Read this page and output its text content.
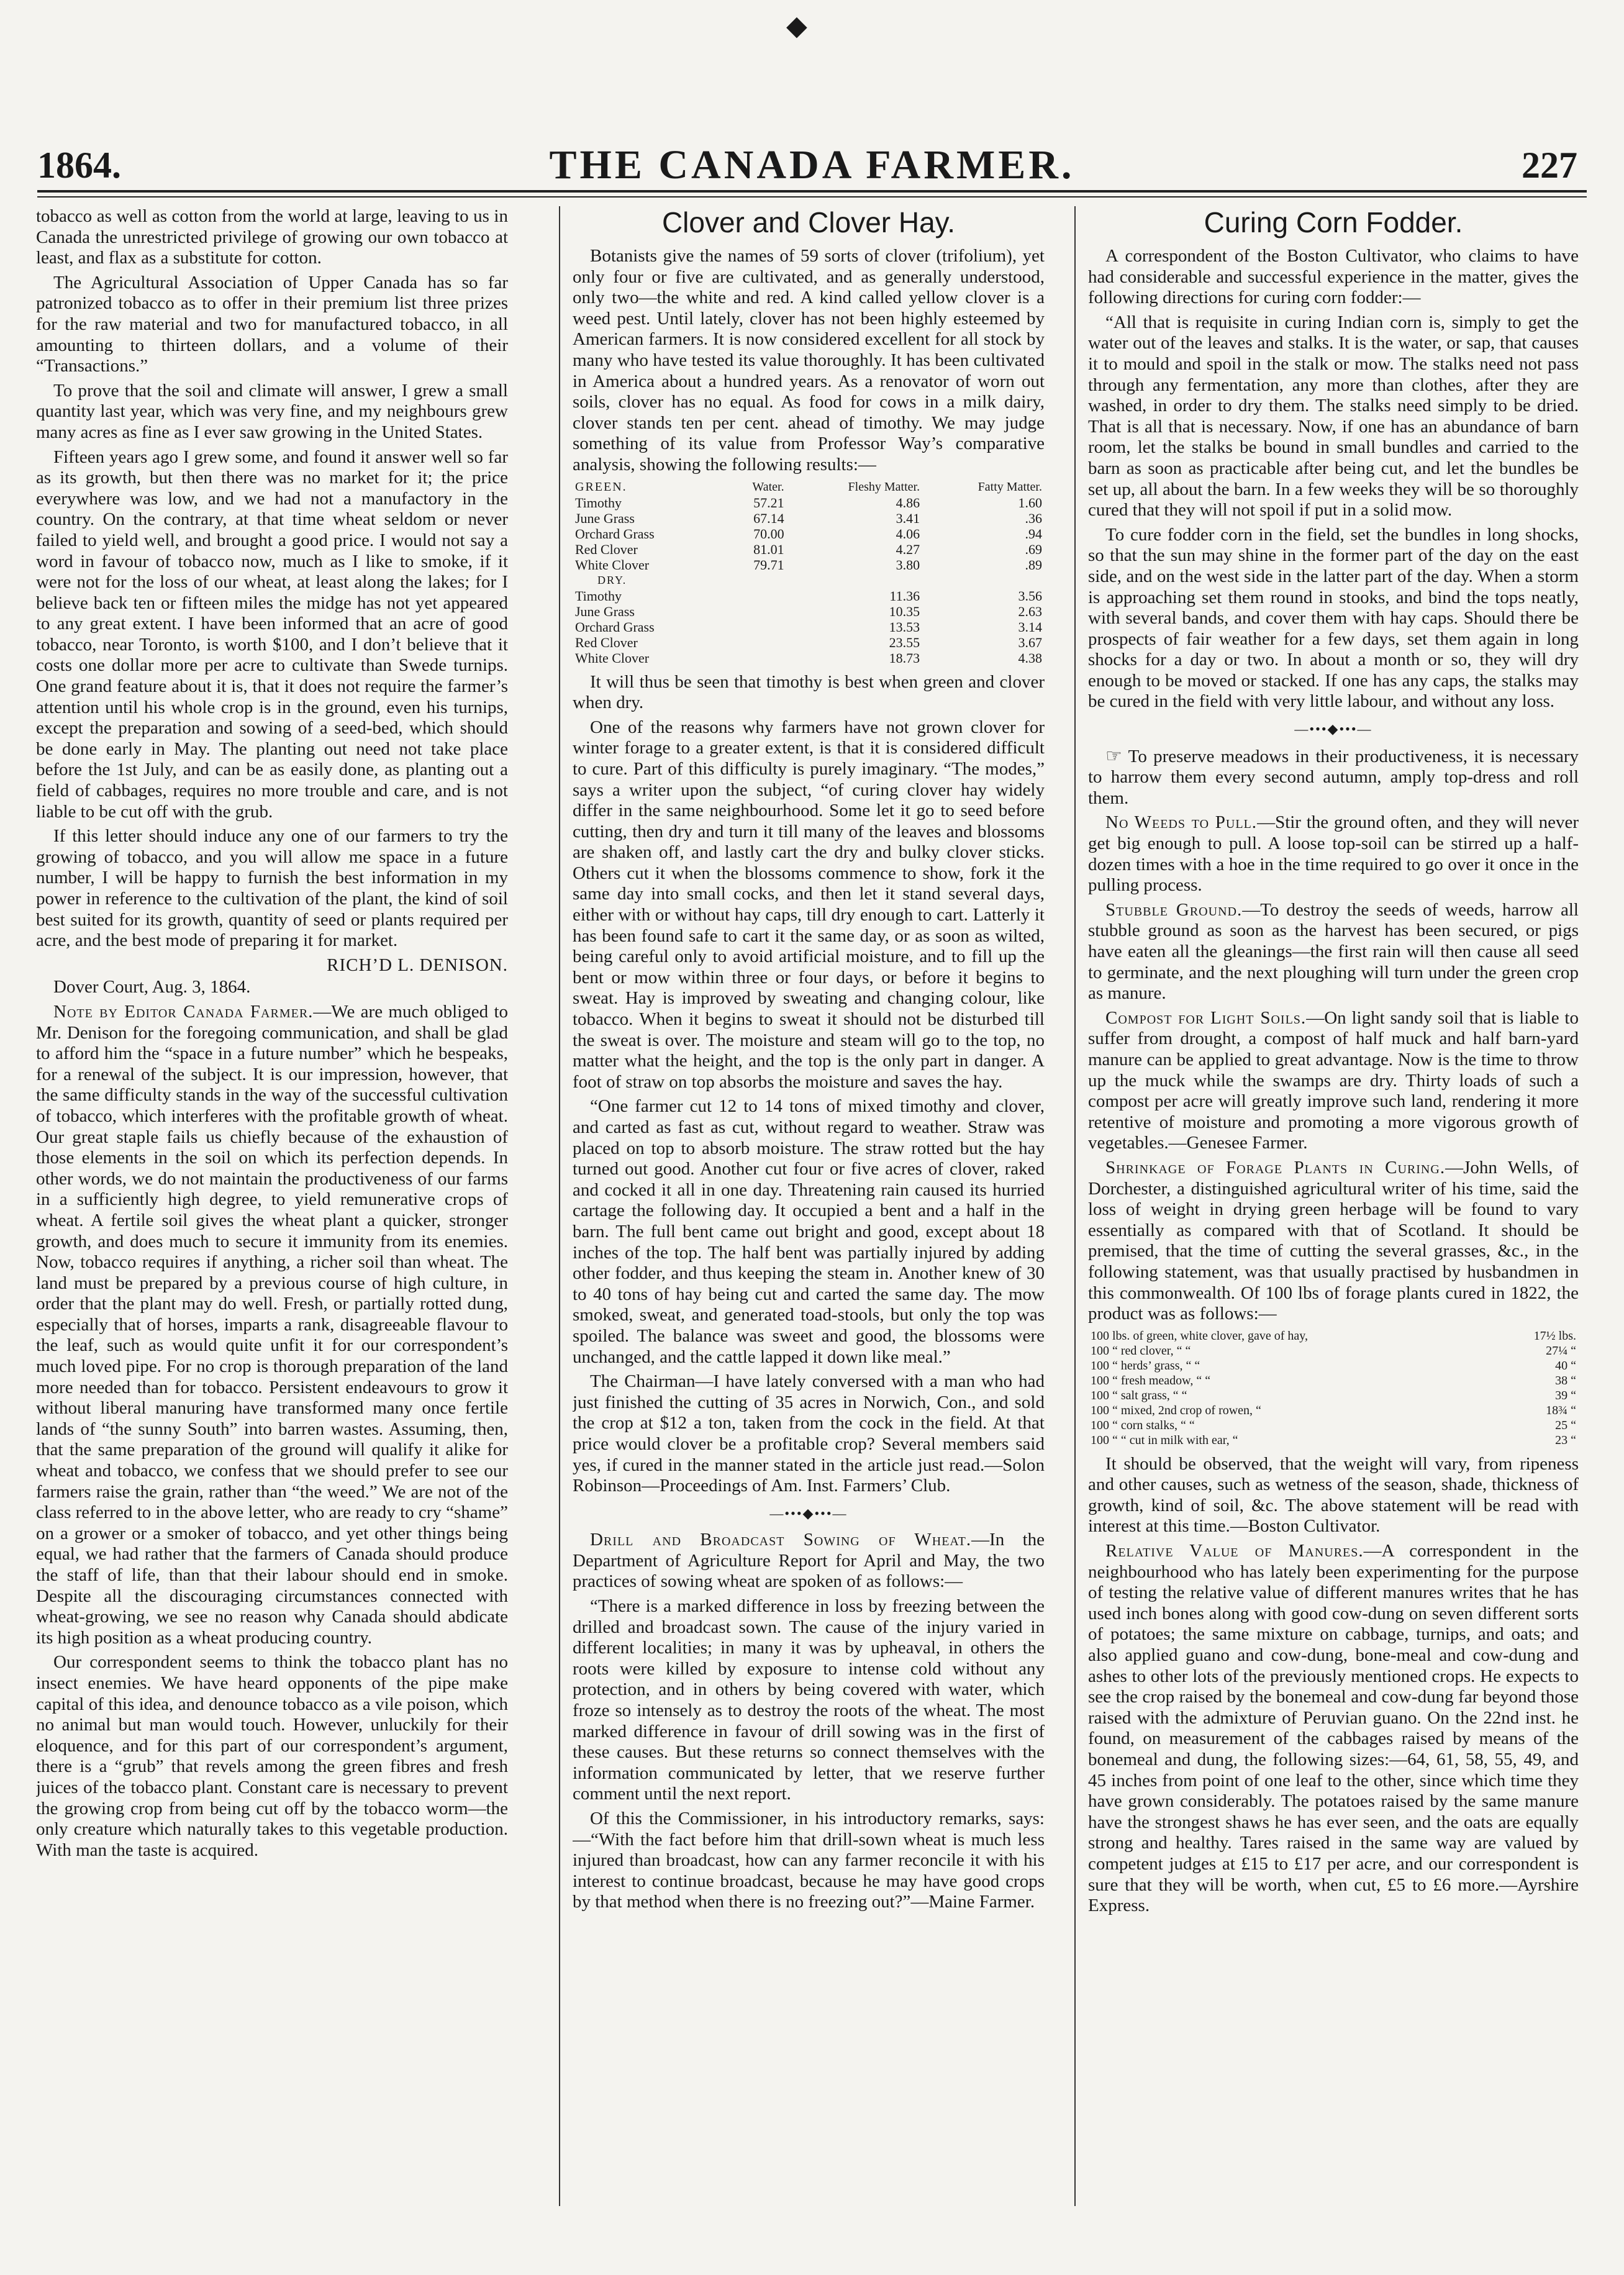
◆
1864.	THE CANADA FARMER.	227

tobacco as well as cotton from the world at large, leaving to us in Canada the unrestricted privilege of growing our own tobacco at least, and flax as a substitute for cotton.

The Agricultural Association of Upper Canada has so far patronized tobacco as to offer in their premium list three prizes for the raw material and two for manufactured tobacco, in all amounting to thirteen dollars, and a volume of their “Transactions.”

To prove that the soil and climate will answer, I grew a small quantity last year, which was very fine, and my neighbours grew many acres as fine as I ever saw growing in the United States.

Fifteen years ago I grew some, and found it answer well so far as its growth, but then there was no market for it; the price everywhere was low, and we had not a manufactory in the country. On the contrary, at that time wheat seldom or never failed to yield well, and brought a good price. I would not say a word in favour of tobacco now, much as I like to smoke, if it were not for the loss of our wheat, at least along the lakes; for I believe back ten or fifteen miles the midge has not yet appeared to any great extent. I have been informed that an acre of good tobacco, near Toronto, is worth $100, and I don’t believe that it costs one dollar more per acre to cultivate than Swede turnips. One grand feature about it is, that it does not require the farmer’s attention until his whole crop is in the ground, even his turnips, except the preparation and sowing of a seed-bed, which should be done early in May. The planting out need not take place before the 1st July, and can be as easily done, as planting out a field of cabbages, requires no more trouble and care, and is not liable to be cut off with the grub.

If this letter should induce any one of our farmers to try the growing of tobacco, and you will allow me space in a future number, I will be happy to furnish the best information in my power in reference to the cultivation of the plant, the kind of soil best suited for its growth, quantity of seed or plants required per acre, and the best mode of preparing it for market.

RICH’D L. DENISON.

Dover Court, Aug. 3, 1864.

Note by Editor Canada Farmer.—We are much obliged to Mr. Denison for the foregoing communication, and shall be glad to afford him the “space in a future number” which he bespeaks, for a renewal of the subject. It is our impression, however, that the same difficulty stands in the way of the successful cultivation of tobacco, which interferes with the profitable growth of wheat. Our great staple fails us chiefly because of the exhaustion of those elements in the soil on which its perfection depends. In other words, we do not maintain the productiveness of our farms in a sufficiently high degree, to yield remunerative crops of wheat. A fertile soil gives the wheat plant a quicker, stronger growth, and does much to secure it immunity from its enemies. Now, tobacco requires if anything, a richer soil than wheat. The land must be prepared by a previous course of high culture, in order that the plant may do well. Fresh, or partially rotted dung, especially that of horses, imparts a rank, disagreeable flavour to the leaf, such as would quite unfit it for our correspondent’s much loved pipe. For no crop is thorough preparation of the land more needed than for tobacco. Persistent endeavours to grow it without liberal manuring have transformed many once fertile lands of “the sunny South” into barren wastes. Assuming, then, that the same preparation of the ground will qualify it alike for wheat and tobacco, we confess that we should prefer to see our farmers raise the grain, rather than “the weed.” We are not of the class referred to in the above letter, who are ready to cry “shame” on a grower or a smoker of tobacco, and yet other things being equal, we had rather that the farmers of Canada should produce the staff of life, than that their labour should end in smoke. Despite all the discouraging circumstances connected with wheat-growing, we see no reason why Canada should abdicate its high position as a wheat producing country.

Our correspondent seems to think the tobacco plant has no insect enemies. We have heard opponents of the pipe make capital of this idea, and denounce tobacco as a vile poison, which no animal but man would touch. However, unluckily for their eloquence, and for this part of our correspondent’s argument, there is a “grub” that revels among the green fibres and fresh juices of the tobacco plant. Constant care is necessary to prevent the growing crop from being cut off by the tobacco worm—the only creature which naturally takes to this vegetable production. With man the taste is acquired.

Clover and Clover Hay.

Botanists give the names of 59 sorts of clover (trifolium), yet only four or five are cultivated, and as generally understood, only two—the white and red. A kind called yellow clover is a weed pest. Until lately, clover has not been highly esteemed by American farmers. It is now considered excellent for all stock by many who have tested its value thoroughly. It has been cultivated in America about a hundred years. As a renovator of worn out soils, clover has no equal. As food for cows in a milk dairy, clover stands ten per cent. ahead of timothy. We may judge something of its value from Professor Way’s comparative analysis, showing the following results:—

GREEN.	Water.	Fleshy Matter.	Fatty Matter.
Timothy	57.21	4.86	1.60
June Grass	67.14	3.41	.36
Orchard Grass	70.00	4.06	.94
Red Clover	81.01	4.27	.69
White Clover	79.71	3.80	.89
DRY.			
Timothy		11.36	3.56
June Grass		10.35	2.63
Orchard Grass		13.53	3.14
Red Clover		23.55	3.67
White Clover		18.73	4.38

It will thus be seen that timothy is best when green and clover when dry.

One of the reasons why farmers have not grown clover for winter forage to a greater extent, is that it is considered difficult to cure. Part of this difficulty is purely imaginary. “The modes,” says a writer upon the subject, “of curing clover hay widely differ in the same neighbourhood. Some let it go to seed before cutting, then dry and turn it till many of the leaves and blossoms are shaken off, and lastly cart the dry and bulky clover sticks. Others cut it when the blossoms commence to show, fork it the same day into small cocks, and then let it stand several days, either with or without hay caps, till dry enough to cart. Latterly it has been found safe to cart it the same day, or as soon as wilted, being careful only to avoid artificial moisture, and to fill up the bent or mow within three or four days, or before it begins to sweat. Hay is improved by sweating and changing colour, like tobacco. When it begins to sweat it should not be disturbed till the sweat is over. The moisture and steam will go to the top, no matter what the height, and the top is the only part in danger. A foot of straw on top absorbs the moisture and saves the hay.

“One farmer cut 12 to 14 tons of mixed timothy and clover, and carted as fast as cut, without regard to weather. Straw was placed on top to absorb moisture. The straw rotted but the hay turned out good. Another cut four or five acres of clover, raked and cocked it all in one day. Threatening rain caused its hurried cartage the following day. It occupied a bent and a half in the barn. The full bent came out bright and good, except about 18 inches of the top. The half bent was partially injured by adding other fodder, and thus keeping the steam in. Another knew of 30 to 40 tons of hay being cut and carted the same day. The mow smoked, sweat, and generated toad-stools, but only the top was spoiled. The balance was sweet and good, the blossoms were unchanged, and the cattle lapped it down like meal.”

The Chairman—I have lately conversed with a man who had just finished the cutting of 35 acres in Norwich, Con., and sold the crop at $12 a ton, taken from the cock in the field. At that price would clover be a profitable crop? Several members said yes, if cured in the manner stated in the article just read.—Solon Robinson—Proceedings of Am. Inst. Farmers’ Club.

—•••◆•••—

Drill and Broadcast Sowing of Wheat.—In the Department of Agriculture Report for April and May, the two practices of sowing wheat are spoken of as follows:—

“There is a marked difference in loss by freezing between the drilled and broadcast sown. The cause of the injury varied in different localities; in many it was by upheaval, in others the roots were killed by exposure to intense cold without any protection, and in others by being covered with water, which froze so intensely as to destroy the roots of the wheat. The most marked difference in favour of drill sowing was in the first of these causes. But these returns so connect themselves with the information communicated by letter, that we reserve further comment until the next report.

Of this the Commissioner, in his introductory remarks, says:—“With the fact before him that drill-sown wheat is much less injured than broadcast, how can any farmer reconcile it with his interest to continue broadcast, because he may have good crops by that method when there is no freezing out?”—Maine Farmer.

Curing Corn Fodder.

A correspondent of the Boston Cultivator, who claims to have had considerable and successful experience in the matter, gives the following directions for curing corn fodder:—

“All that is requisite in curing Indian corn is, simply to get the water out of the leaves and stalks. It is the water, or sap, that causes it to mould and spoil in the stalk or mow. The stalks need not pass through any fermentation, any more than clothes, after they are washed, in order to dry them. The stalks need simply to be dried. That is all that is necessary. Now, if one has an abundance of barn room, let the stalks be bound in small bundles and carried to the barn as soon as practicable after being cut, and let the bundles be set up, all about the barn. In a few weeks they will be so thoroughly cured that they will not spoil if put in a solid mow.

To cure fodder corn in the field, set the bundles in long shocks, so that the sun may shine in the former part of the day on the east side, and on the west side in the latter part of the day. When a storm is approaching set them round in stooks, and bind the tops neatly, with several bands, and cover them with hay caps. Should there be prospects of fair weather for a few days, set them again in long shocks for a day or two. In about a month or so, they will dry enough to be moved or stacked. If one has any caps, the stalks may be cured in the field with very little labour, and without any loss.

—•••◆•••—

☞ To preserve meadows in their productiveness, it is necessary to harrow them every second autumn, amply top-dress and roll them.

No Weeds to Pull.—Stir the ground often, and they will never get big enough to pull. A loose top-soil can be stirred up a half-dozen times with a hoe in the time required to go over it once in the pulling process.

Stubble Ground.—To destroy the seeds of weeds, harrow all stubble ground as soon as the harvest has been secured, or pigs have eaten all the gleanings—the first rain will then cause all seed to germinate, and the next ploughing will turn under the green crop as manure.

Compost for Light Soils.—On light sandy soil that is liable to suffer from drought, a compost of half muck and half barn-yard manure can be applied to great advantage. Now is the time to throw up the muck while the swamps are dry. Thirty loads of such a compost per acre will greatly improve such land, rendering it more retentive of moisture and promoting a more vigorous growth of vegetables.—Genesee Farmer.

Shrinkage of Forage Plants in Curing.—John Wells, of Dorchester, a distinguished agricultural writer of his time, said the loss of weight in drying green herbage will be found to vary essentially as compared with that of Scotland. It should be premised, that the time of cutting the several grasses, &c., in the following statement, was that usually practised by husbandmen in this commonwealth. Of 100 lbs of forage plants cured in 1822, the product was as follows:—

100 lbs. of green, white clover, gave of hay,	17½ lbs.
100 “ red clover, “ “	27¼ “
100 “ herds’ grass, “ “	40 “
100 “ fresh meadow, “ “	38 “
100 “ salt grass, “ “	39 “
100 “ mixed, 2nd crop of rowen, “	18¾ “
100 “ corn stalks, “ “	25 “
100 “ “ cut in milk with ear, “	23 “

It should be observed, that the weight will vary, from ripeness and other causes, such as wetness of the season, shade, thickness of growth, kind of soil, &c. The above statement will be read with interest at this time.—Boston Cultivator.

Relative Value of Manures.—A correspondent in the neighbourhood who has lately been experimenting for the purpose of testing the relative value of different manures writes that he has used inch bones along with good cow-dung on seven different sorts of potatoes; the same mixture on cabbage, turnips, and oats; and also applied guano and cow-dung, bone-meal and cow-dung and ashes to other lots of the previously mentioned crops. He expects to see the crop raised by the bonemeal and cow-dung far beyond those raised with the admixture of Peruvian guano. On the 22nd inst. he found, on measurement of the cabbages raised by means of the bonemeal and dung, the following sizes:—64, 61, 58, 55, 49, and 45 inches from point of one leaf to the other, since which time they have grown considerably. The potatoes raised by the same manure have the strongest shaws he has ever seen, and the oats are equally strong and healthy. Tares raised in the same way are valued by competent judges at £15 to £17 per acre, and our correspondent is sure that they will be worth, when cut, £5 to £6 more.—Ayrshire Express.
